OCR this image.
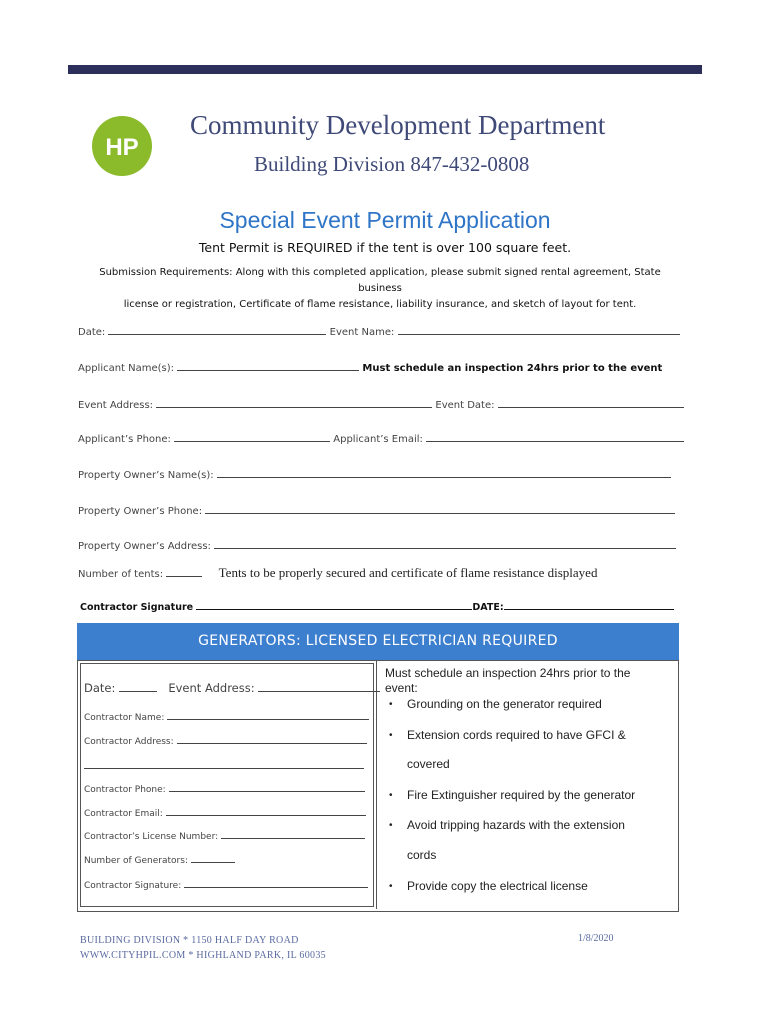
HP
Community Development Department
Building Division 847-432-0808
Special Event Permit Application
Tent Permit is REQUIRED if the tent is over 100 square feet.
Submission Requirements: Along with this completed application, please submit signed rental agreement, State business
license or registration, Certificate of flame resistance, liability insurance, and sketch of layout for tent.
Date:	Event Name:
Applicant Name(s):	Must schedule an inspection 24hrs prior to the event
Event Address:	Event Date:
Applicant’s Phone:	Applicant’s Email:
Property Owner’s Name(s):
Property Owner’s Phone:
Property Owner’s Address:
Number of tents:	Tents to be properly secured and certificate of flame resistance displayed
Contractor Signature	DATE:
GENERATORS: LICENSED ELECTRICIAN REQUIRED
Date:	Event Address:
Contractor Name:
Contractor Address:
Contractor Phone:
Contractor Email:
Contractor’s License Number:
Number of Generators:
Contractor Signature:
Must schedule an inspection 24hrs prior to the
event:
• Grounding on the generator required
• Extension cords required to have GFCI &
covered
• Fire Extinguisher required by the generator
• Avoid tripping hazards with the extension
cords
• Provide copy the electrical license
BUILDING DIVISION * 1150 HALF DAY ROAD
WWW.CITYHPIL.COM * HIGHLAND PARK, IL 60035
1/8/2020
